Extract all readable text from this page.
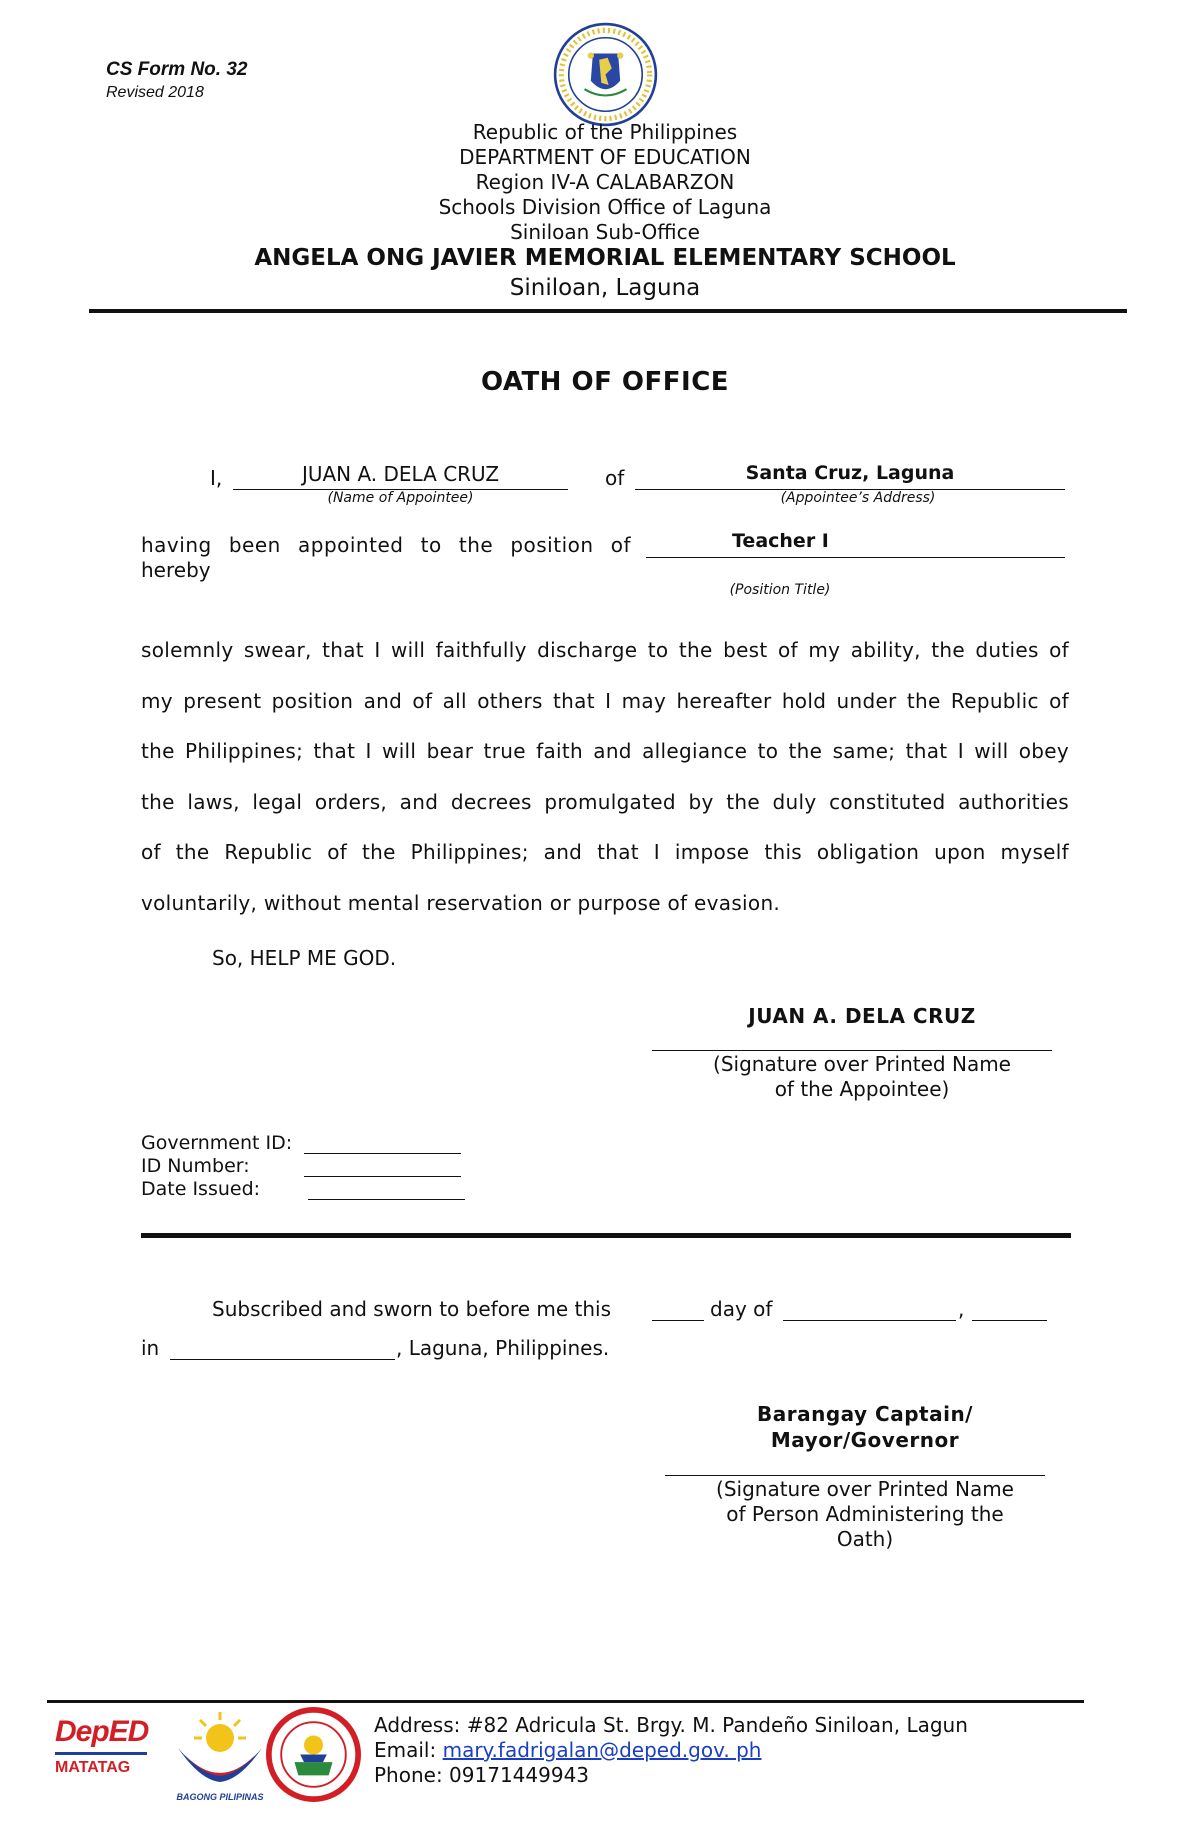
CS Form No. 32
Revised 2018
Republic of the Philippines
DEPARTMENT OF EDUCATION
Region IV-A CALABARZON
Schools Division Office of Laguna
Siniloan Sub-Office
ANGELA ONG JAVIER MEMORIAL ELEMENTARY SCHOOL
Siniloan, Laguna
OATH OF OFFICE
I,	JUAN A. DELA CRUZ
(Name of Appointee)
of	Santa Cruz, Laguna
(Appointee’s Address)
having been appointed to the position of
hereby
Teacher I
(Position Title)
solemnly swear, that I will faithfully discharge to the best of my ability, the duties of
my present position and of all others that I may hereafter hold under the Republic of
the Philippines; that I will bear true faith and allegiance to the same; that I will obey
the laws, legal orders, and decrees promulgated by the duly constituted authorities
of the Republic of the Philippines; and that I impose this obligation upon myself
voluntarily, without mental reservation or purpose of evasion.
So, HELP ME GOD.
JUAN A. DELA CRUZ
(Signature over Printed Name
of the Appointee)
Government ID:
ID Number:
Date Issued:
Subscribed and sworn to before me this	day of	,
in	, Laguna, Philippines.
Barangay Captain/
Mayor/Governor
(Signature over Printed Name
of Person Administering the
Oath)
DepED
MATATAG
BAGONG PILIPINAS
Address: #82 Adricula St. Brgy. M. Pandeño Siniloan, Lagun
Email: mary.fadrigalan@deped.gov. ph
Phone: 09171449943
